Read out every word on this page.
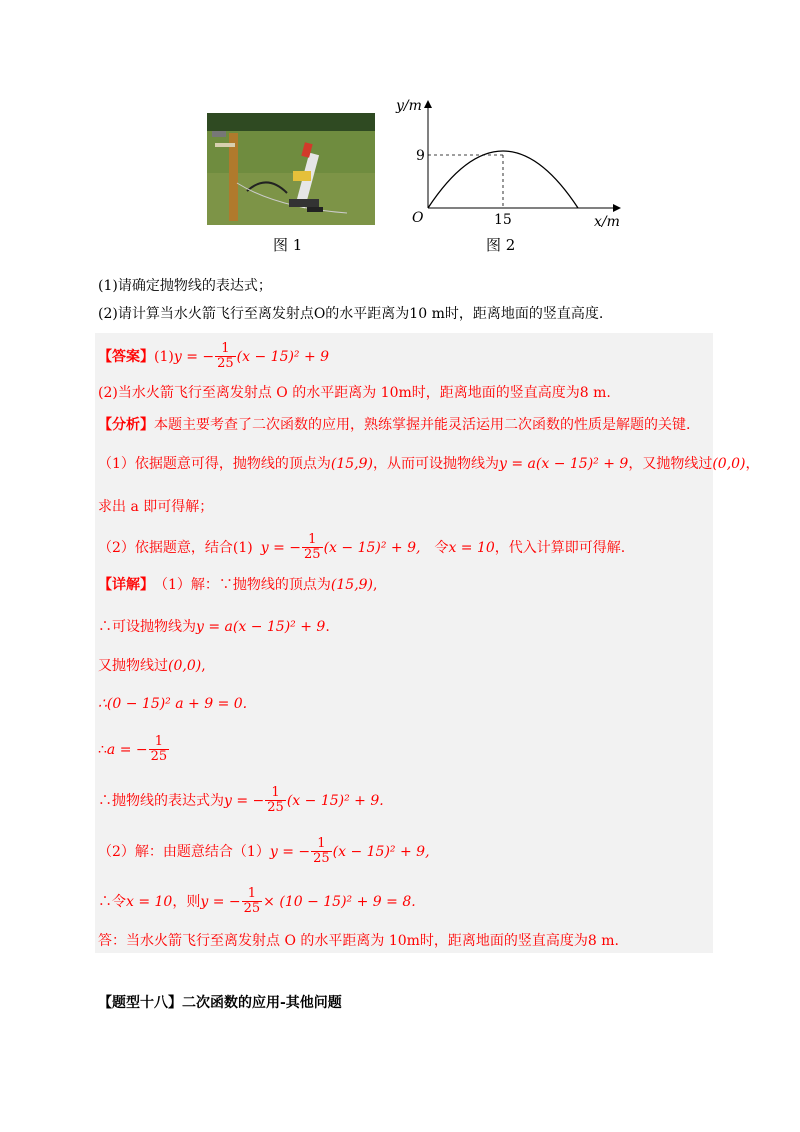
图 1
y/m
x/m
O
9
15
图 2
(1)请确定抛物线的表达式；
(2)请计算当水火箭飞行至离发射点O的水平距离为10 m时，距离地面的竖直高度.
【答案】 (1) y = − $\frac{1}{25} (x - 15)^2 + 9$
(2)当水火箭飞行至离发射点 O 的水平距离为 10m时，距离地面的竖直高度为8 m.
【分析】本题主要考查了二次函数的应用，熟练掌握并能灵活运用二次函数的性质是解题的关键.
（1）依据题意可得，抛物线的顶点为 (15,9) ，从而可设抛物线为 y = a(x − 15)² + 9 ，又抛物线过 (0,0) ，
求出 a 即可得解；
（2）依据题意，结合(1) y = − $\frac{1}{25} (x - 15)^2 + 9$, 令 x = 10 ，代入计算即可得解.
【详解】 （1）解：∵抛物线的顶点为 (15,9) ,
∴可设抛物线为 y = a(x − 15)² + 9 .
又抛物线过 (0,0) ,
∴(0 − 15)² a + 9 = 0.
∴ a = − $\frac{1}{25}$
∴抛物线的表达式为 y = − $\frac{1}{25} (x - 15)^2 + 9$.
（2）解：由题意结合（1） y = − $\frac{1}{25} (x - 15)^2 + 9$,
∴令 x = 10 ，则 y = − $\frac{1}{25} \times (10 - 15)^2 + 9 = 8$.
答：当水火箭飞行至离发射点 O 的水平距离为 10m时，距离地面的竖直高度为8 m.
【题型十八】二次函数的应用-其他问题
